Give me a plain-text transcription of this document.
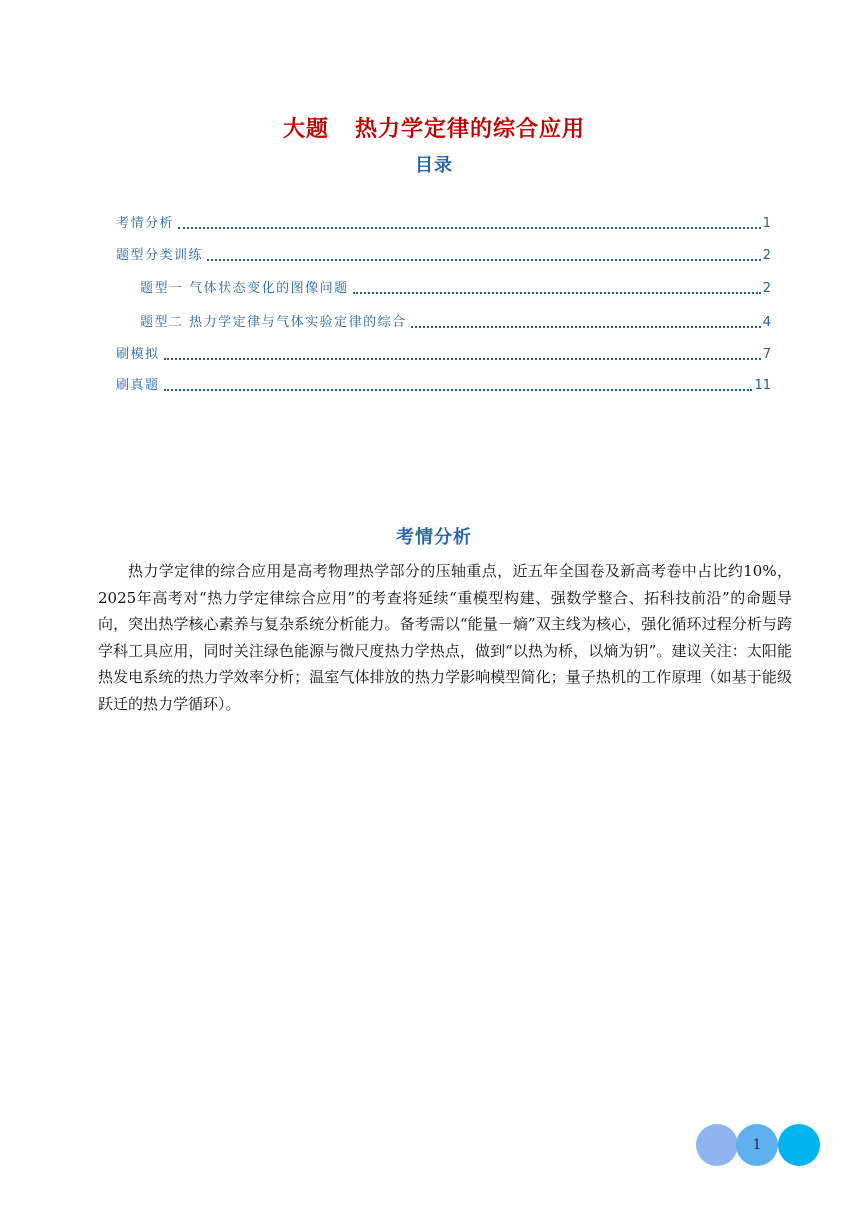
大题 热力学定律的综合应用
目录
考情分析	1
题型分类训练	2
题型一 气体状态变化的图像问题	2
题型二 热力学定律与气体实验定律的综合	4
刷模拟	7
刷真题	11
考情分析

热力学定律的综合应用是高考物理热学部分的压轴重点，近五年全国卷及新高考卷中占比约10%，2025年高考对“热力学定律综合应用”的考查将延续“重模型构建、强数学整合、拓科技前沿”的命题导向，突出热学核心素养与复杂系统分析能力。备考需以“能量－熵”双主线为核心，强化循环过程分析与跨学科工具应用，同时关注绿色能源与微尺度热力学热点，做到“以热为桥，以熵为钥”。建议关注：太阳能热发电系统的热力学效率分析；温室气体排放的热力学影响模型简化；量子热机的工作原理（如基于能级跃迁的热力学循环）。

1
